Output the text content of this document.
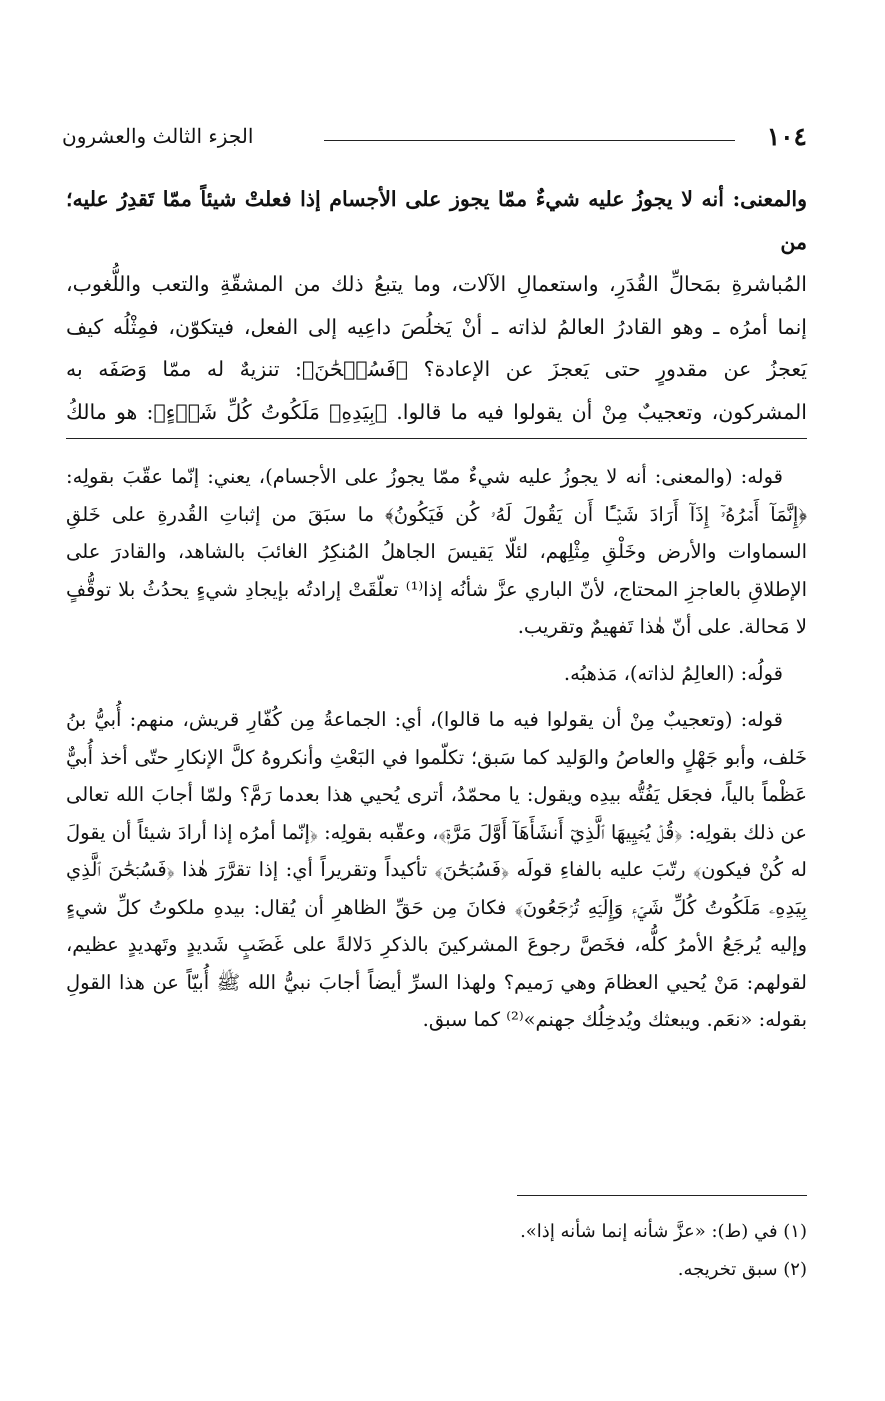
١٠٤
الجزء الثالث والعشرون

والمعنى: أنه لا يجوزُ عليه شيءٌ ممّا يجوز على الأجسام إذا فعلتْ شيئاً ممّا تَقدِرُ عليه؛ من

المُباشرةِ بمَحالِّ القُدَرِ، واستعمالِ الآلات، وما يتبعُ ذلك من المشقّةِ والتعب واللُّغوب،

إنما أمرُه ـ وهو القادرُ العالمُ لذاته ـ أنْ يَخلُصَ داعِيه إلى الفعل، فيتكوّن، فمِثْلُه كيف

يَعجزُ عن مقدورٍ حتى يَعجزَ عن الإعادة؟ ﴿فَسُبۡحَٰنَ﴾: تنزيهٌ له ممّا وَصَفَه به

المشركون، وتعجيبٌ مِنْ أن يقولوا فيه ما قالوا. ﴿بِيَدِهِۦ مَلَكُوتُ كُلِّ شَيۡءٍ﴾: هو مالكُ

قوله: (والمعنى: أنه لا يجوزُ عليه شيءٌ ممّا يجوزُ على الأجسام)، يعني: إنّما عقّبَ بقولِه: ﴿إِنَّمَآ أَمۡرُهُۥٓ إِذَآ أَرَادَ شَيۡـًٔا أَن يَقُولَ لَهُۥ كُن فَيَكُونُ﴾ ما سبَقَ من إثباتِ القُدرةِ على خَلقِ السماوات والأرض وخَلْقِ مِثْلِهم، لئلّا يَقيسَ الجاهلُ المُنكِرُ الغائبَ بالشاهد، والقادرَ على الإطلاقِ بالعاجزِ المحتاج، لأنّ الباري عزَّ شأنُه إذا⁽¹⁾ تعلّقَتْ إرادتُه بإيجادِ شيءٍ يحدُثُ بلا توقُّفٍ لا مَحالة. على أنّ هٰذا تَفهيمٌ وتقريب.

قولُه: (العالِمُ لذاته)، مَذهبُه.

قوله: (وتعجيبٌ مِنْ أن يقولوا فيه ما قالوا)، أي: الجماعةُ مِن كُفّارِ قريش، منهم: أُبيُّ بنُ خَلف، وأبو جَهْلٍ والعاصُ والوَليد كما سَبق؛ تكلّموا في البَعْثِ وأنكروهُ كلَّ الإنكارِ حتّى أخذ أُبيٌّ عَظْماً بالياً، فجعَل يَفُتُّه بيدِه ويقول: يا محمّدُ، أترى يُحيي هذا بعدما رَمَّ؟ ولمّا أجابَ الله تعالى عن ذلك بقولِه: ﴿قُلۡ يُحۡيِيهَا ٱلَّذِيٓ أَنشَأَهَآ أَوَّلَ مَرَّةٖ﴾، وعقّبه بقولِه: ﴿إنّما أمرُه إذا أرادَ شيئاً أن يقولَ له كُنْ فيكون﴾ رتّبَ عليه بالفاءِ قولَه ﴿فَسُبۡحَٰنَ﴾ تأكيداً وتقريراً أي: إذا تقرَّرَ هٰذا ﴿فَسُبۡحَٰنَ ٱلَّذِي بِيَدِهِۦ مَلَكُوتُ كُلِّ شَيۡءٖ وَإِلَيۡهِ تُرۡجَعُونَ﴾ فكانَ مِن حَقِّ الظاهرِ أن يُقال: بيدهِ ملكوتُ كلِّ شيءٍ وإليه يُرجَعُ الأمرُ كلُّه، فخَصَّ رجوعَ المشركينَ بالذكرِ دَلالةً على غَضَبٍ شَديدٍ وتَهديدٍ عظيم، لقولهم: مَنْ يُحيي العظامَ وهي رَميم؟ ولهذا السرِّ أيضاً أجابَ نبيُّ الله ﷺ أُبيّاً عن هذا القولِ بقوله: «نعَم. ويبعثك ويُدخِلُك جهنم»⁽²⁾ كما سبق.

(١) في (ط): «عزَّ شأنه إنما شأنه إذا».

(٢) سبق تخريجه.
